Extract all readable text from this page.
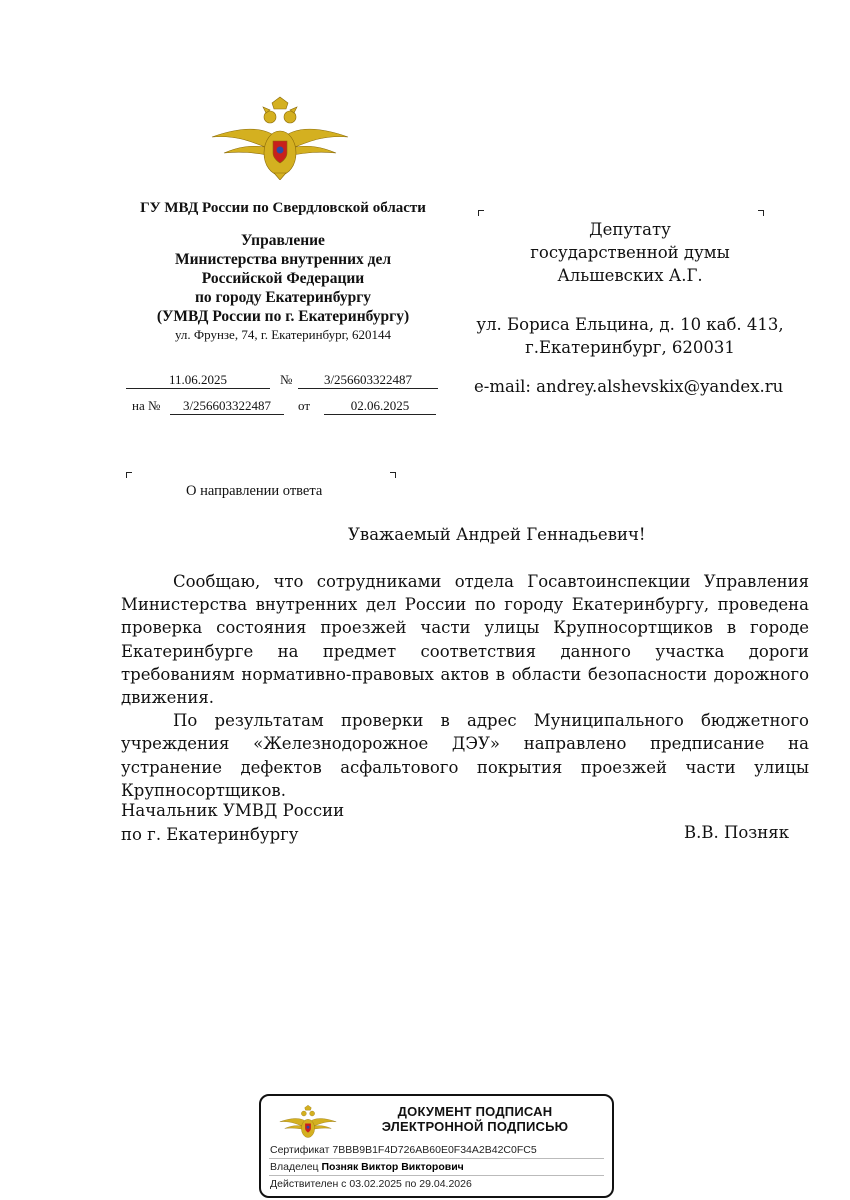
ГУ МВД России по Свердловской области
Управление
Министерства внутренних дел
Российской Федерации
по городу Екатеринбургу
(УМВД России по г. Екатеринбургу)
ул. Фрунзе, 74, г. Екатеринбург, 620144
11.06.2025	№	3/256603322487
на №	3/256603322487	от	02.06.2025
Депутату
государственной думы
Альшевских А.Г.
ул. Бориса Ельцина, д. 10 каб. 413,
г.Екатеринбург, 620031
e-mail: andrey.alshevskix@yandex.ru
О направлении ответа
Уважаемый Андрей Геннадьевич!

Сообщаю, что сотрудниками отдела Госавтоинспекции Управления Министерства внутренних дел России по городу Екатеринбургу, проведена проверка состояния проезжей части улицы Крупносортщиков в городе Екатеринбурге на предмет соответствия данного участка дороги требованиям нормативно-правовых актов в области безопасности дорожного движения.

По результатам проверки в адрес Муниципального бюджетного учреждения «Железнодорожное ДЭУ» направлено предписание на устранение дефектов асфальтового покрытия проезжей части улицы Крупносортщиков.

Начальник УМВД России
по г. Екатеринбургу	В.В. Позняк
ДОКУМЕНТ ПОДПИСАН
ЭЛЕКТРОННОЙ ПОДПИСЬЮ
Сертификат 7BBB9B1F4D726AB60E0F34A2B42C0FC5
Владелец Позняк Виктор Викторович
Действителен с 03.02.2025 по 29.04.2026
